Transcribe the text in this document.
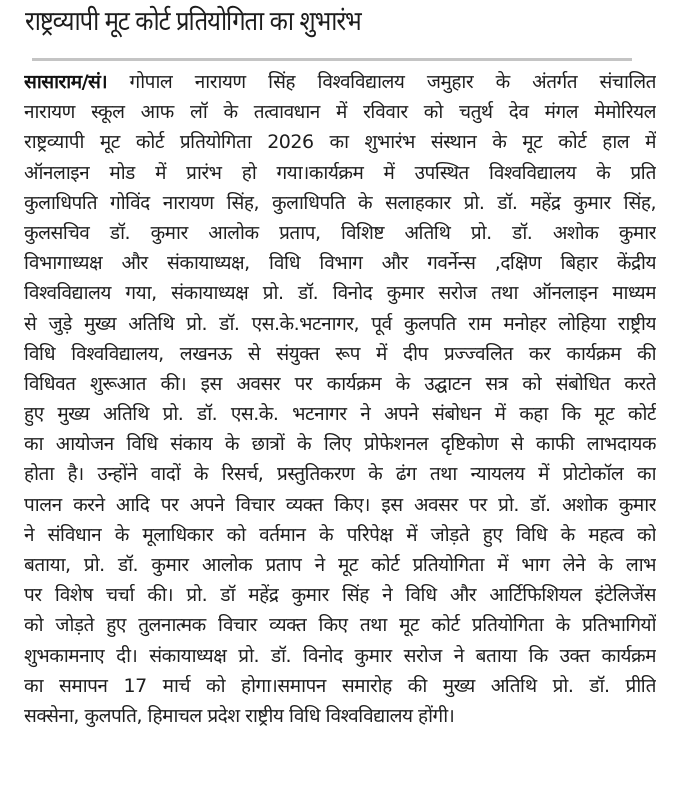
राष्ट्रव्यापी मूट कोर्ट प्रतियोगिता का शुभारंभ
सासाराम/सं। गोपाल नारायण सिंह विश्वविद्यालय जमुहार के अंतर्गत संचालित
नारायण स्कूल आफ लॉ के तत्वावधान में रविवार को चतुर्थ देव मंगल मेमोरियल
राष्ट्रव्यापी मूट कोर्ट प्रतियोगिता 2026 का शुभारंभ संस्थान के मूट कोर्ट हाल में
ऑनलाइन मोड में प्रारंभ हो गया।कार्यक्रम में उपस्थित विश्वविद्यालय के प्रति
कुलाधिपति गोविंद नारायण सिंह, कुलाधिपति के सलाहकार प्रो. डॉ. महेंद्र कुमार सिंह,
कुलसचिव डॉ. कुमार आलोक प्रताप, विशिष्ट अतिथि प्रो. डॉ. अशोक कुमार
विभागाध्यक्ष और संकायाध्यक्ष, विधि विभाग और गवर्नेन्स ,दक्षिण बिहार केंद्रीय
विश्वविद्यालय गया, संकायाध्यक्ष प्रो. डॉ. विनोद कुमार सरोज तथा ऑनलाइन माध्यम
से जुड़े मुख्य अतिथि प्रो. डॉ. एस.के.भटनागर, पूर्व कुलपति राम मनोहर लोहिया राष्ट्रीय
विधि विश्वविद्यालय, लखनऊ से संयुक्त रूप में दीप प्रज्ज्वलित कर कार्यक्रम की
विधिवत शुरूआत की। इस अवसर पर कार्यक्रम के उद्घाटन सत्र को संबोधित करते
हुए मुख्य अतिथि प्रो. डॉ. एस.के. भटनागर ने अपने संबोधन में कहा कि मूट कोर्ट
का आयोजन विधि संकाय के छात्रों के लिए प्रोफेशनल दृष्टिकोण से काफी लाभदायक
होता है। उन्होंने वादों के रिसर्च, प्रस्तुतिकरण के ढंग तथा न्यायलय में प्रोटोकॉल का
पालन करने आदि पर अपने विचार व्यक्त किए। इस अवसर पर प्रो. डॉ. अशोक कुमार
ने संविधान के मूलाधिकार को वर्तमान के परिपेक्ष में जोड़ते हुए विधि के महत्व को
बताया, प्रो. डॉ. कुमार आलोक प्रताप ने मूट कोर्ट प्रतियोगिता में भाग लेने के लाभ
पर विशेष चर्चा की। प्रो. डॉ महेंद्र कुमार सिंह ने विधि और आर्टिफिशियल इंटेलिजेंस
को जोड़ते हुए तुलनात्मक विचार व्यक्त किए तथा मूट कोर्ट प्रतियोगिता के प्रतिभागियों
शुभकामनाए दी। संकायाध्यक्ष प्रो. डॉ. विनोद कुमार सरोज ने बताया कि उक्त कार्यक्रम
का समापन 17 मार्च को होगा।समापन समारोह की मुख्य अतिथि प्रो. डॉ. प्रीति
सक्सेना, कुलपति, हिमाचल प्रदेश राष्ट्रीय विधि विश्वविद्यालय होंगी।
